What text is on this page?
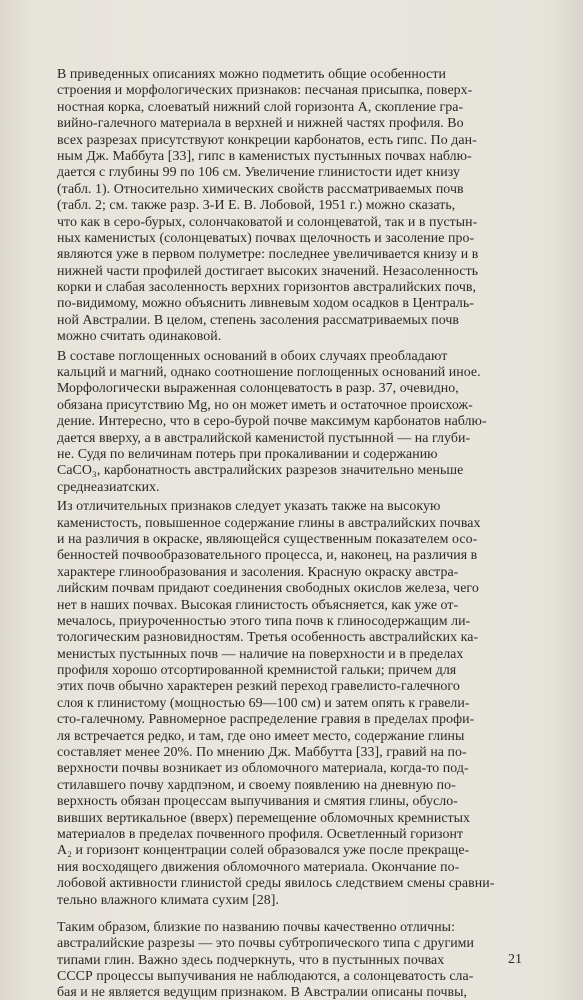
В приведенных описаниях можно подметить общие особенности
строения и морфологических признаков: песчаная присыпка, поверх-
ностная корка, слоеватый нижний слой горизонта A, скопление гра-
вийно-галечного материала в верхней и нижней частях профиля. Во
всех разрезах присутствуют конкреции карбонатов, есть гипс. По дан-
ным Дж. Маббута [33], гипс в каменистых пустынных почвах наблю-
дается с глубины 99 по 106 см. Увеличение глинистости идет книзу
(табл. 1). Относительно химических свойств рассматриваемых почв
(табл. 2; см. также разр. 3-И Е. В. Лобовой, 1951 г.) можно сказать,
что как в серо-бурых, солончаковатой и солонцеватой, так и в пустын-
ных каменистых (солонцеватых) почвах щелочность и засоление про-
являются уже в первом полуметре: последнее увеличивается книзу и в
нижней части профилей достигает высоких значений. Незасоленность
корки и слабая засоленность верхних горизонтов австралийских почв,
по-видимому, можно объяснить ливневым ходом осадков в Централь-
ной Австралии. В целом, степень засоления рассматриваемых почв
можно считать одинаковой.

В составе поглощенных оснований в обоих случаях преобладают
кальций и магний, однако соотношение поглощенных оснований иное.
Морфологически выраженная солонцеватость в разр. 37, очевидно,
обязана присутствию Mg, но он может иметь и остаточное происхож-
дение. Интересно, что в серо-бурой почве максимум карбонатов наблю-
дается вверху, а в австралийской каменистой пустынной — на глуби-
не. Судя по величинам потерь при прокаливании и содержанию
CaCO₃, карбонатность австралийских разрезов значительно меньше
среднеазиатских.

Из отличительных признаков следует указать также на высокую
каменистость, повышенное содержание глины в австралийских почвах
и на различия в окраске, являющейся существенным показателем осо-
бенностей почвообразовательного процесса, и, наконец, на различия в
характере глинообразования и засоления. Красную окраску австра-
лийским почвам придают соединения свободных окислов железа, чего
нет в наших почвах. Высокая глинистость объясняется, как уже от-
мечалось, приуроченностью этого типа почв к глиносодержащим ли-
тологическим разновидностям. Третья особенность австралийских ка-
менистых пустынных почв — наличие на поверхности и в пределах
профиля хорошо отсортированной кремнистой гальки; причем для
этих почв обычно характерен резкий переход гравелисто-галечного
слоя к глинистому (мощностью 69—100 см) и затем опять к гравели-
сто-галечному. Равномерное распределение гравия в пределах профи-
ля встречается редко, и там, где оно имеет место, содержание глины
составляет менее 20%. По мнению Дж. Маббутта [33], гравий на по-
верхности почвы возникает из обломочного материала, когда-то под-
стилавшего почву хардпэном, и своему появлению на дневную по-
верхность обязан процессам выпучивания и смятия глины, обуслo-
вивших вертикальное (вверх) перемещение обломочных кремнистых
материалов в пределах почвенного профиля. Осветленный горизонт
A₂ и горизонт концентрации солей образовался уже после прекраще-
ния восходящего движения обломочного материала. Окончание по-
лобовой активности глинистой среды явилось следствием смены сравни-
тельно влажного климата сухим [28].

Таким образом, близкие по названию почвы качественно отличны:
австралийские разрезы — это почвы субтропического типа с другими
типами глин. Важно здесь подчеркнуть, что в пустынных почвах
СССР процессы выпучивания не наблюдаются, а солонцеватость сла-
бая и не является ведущим признаком. В Австралии описаны почвы,

21
